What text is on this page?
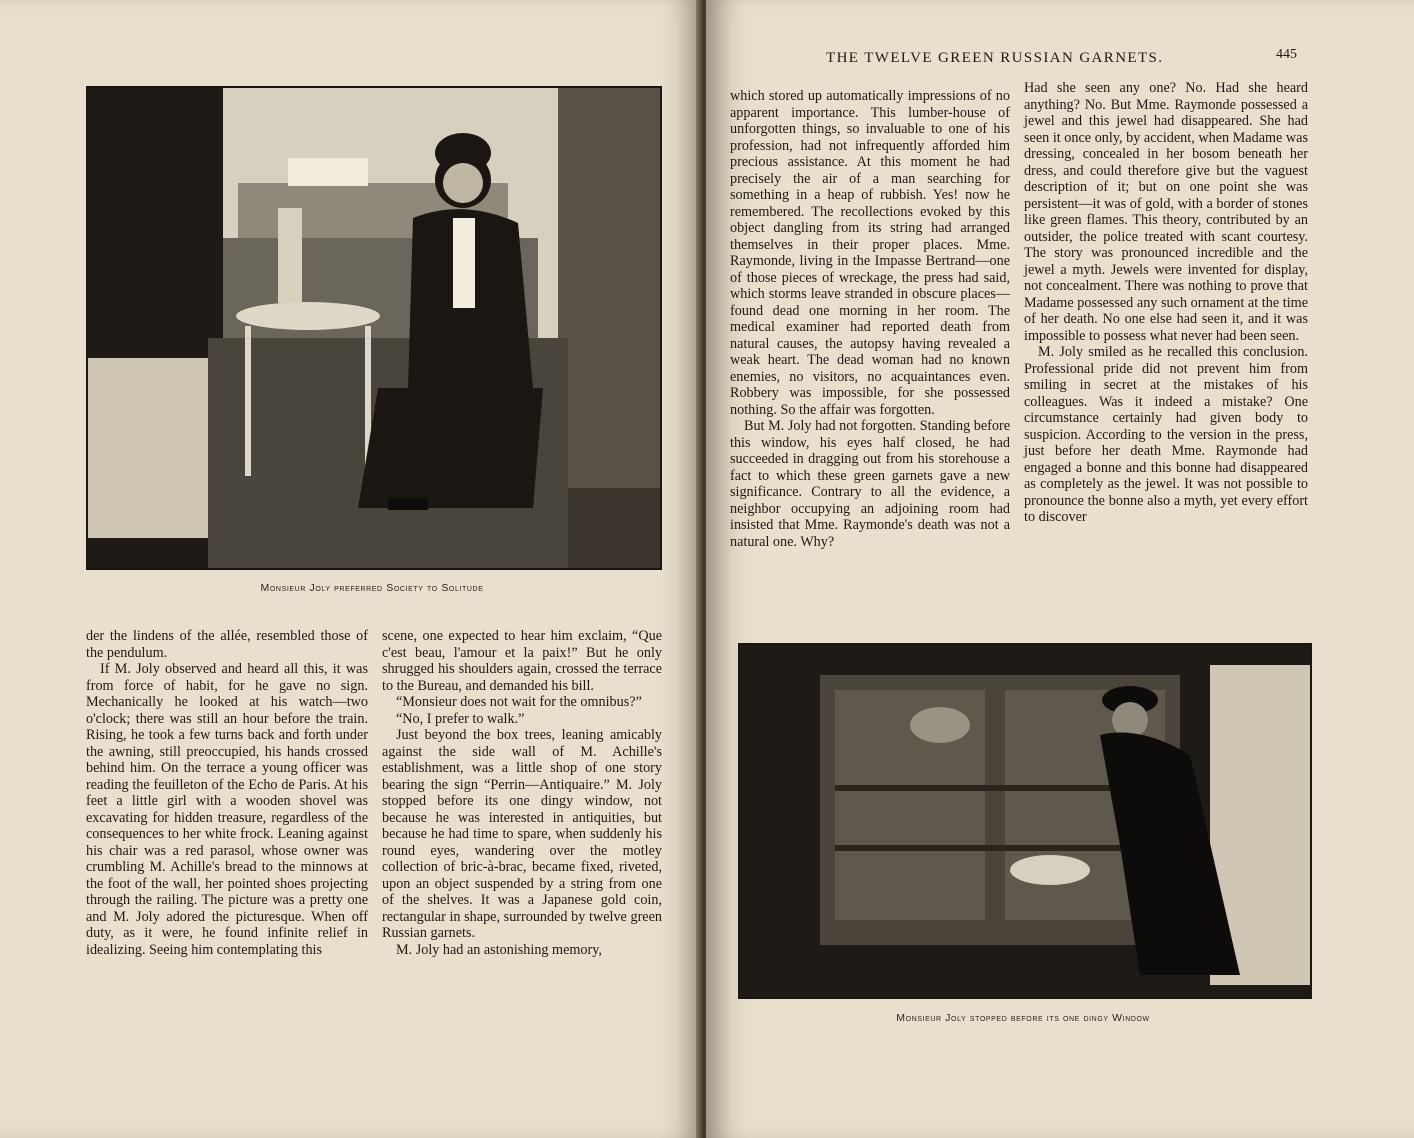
Monsieur Joly preferred Society to Solitude

der the lindens of the allée, resembled those of the pendulum.

If M. Joly observed and heard all this, it was from force of habit, for he gave no sign. Mechanically he looked at his watch—two o'clock; there was still an hour before the train. Rising, he took a few turns back and forth under the awning, still preoccupied, his hands crossed behind him. On the terrace a young officer was reading the feuilleton of the Echo de Paris. At his feet a little girl with a wooden shovel was excavating for hidden treasure, regardless of the consequences to her white frock. Leaning against his chair was a red parasol, whose owner was crumbling M. Achille's bread to the minnows at the foot of the wall, her pointed shoes projecting through the railing. The picture was a pretty one and M. Joly adored the picturesque. When off duty, as it were, he found infinite relief in idealizing. Seeing him contemplating this

scene, one expected to hear him exclaim, “Que c'est beau, l'amour et la paix!” But he only shrugged his shoulders again, crossed the terrace to the Bureau, and demanded his bill.

“Monsieur does not wait for the omnibus?”

“No, I prefer to walk.”

Just beyond the box trees, leaning amicably against the side wall of M. Achille's establishment, was a little shop of one story bearing the sign “Perrin—Antiquaire.” M. Joly stopped before its one dingy window, not because he was interested in antiquities, but because he had time to spare, when suddenly his round eyes, wandering over the motley collection of bric-à-brac, became fixed, riveted, upon an object suspended by a string from one of the shelves. It was a Japanese gold coin, rectangular in shape, surrounded by twelve green Russian garnets.

M. Joly had an astonishing memory,

THE TWELVE GREEN RUSSIAN GARNETS.	445

which stored up automatically impressions of no apparent importance. This lumber-house of unforgotten things, so invaluable to one of his profession, had not infrequently afforded him precious assistance. At this moment he had precisely the air of a man searching for something in a heap of rubbish. Yes! now he remembered. The recollections evoked by this object dangling from its string had arranged themselves in their proper places. Mme. Raymonde, living in the Impasse Bertrand—one of those pieces of wreckage, the press had said, which storms leave stranded in obscure places—found dead one morning in her room. The medical examiner had reported death from natural causes, the autopsy having revealed a weak heart. The dead woman had no known enemies, no visitors, no acquaintances even. Robbery was impossible, for she possessed nothing. So the affair was forgotten.

But M. Joly had not forgotten. Standing before this window, his eyes half closed, he had succeeded in dragging out from his storehouse a fact to which these green garnets gave a new significance. Contrary to all the evidence, a neighbor occupying an adjoining room had insisted that Mme. Raymonde's death was not a natural one. Why?

Had she seen any one? No. Had she heard anything? No. But Mme. Raymonde possessed a jewel and this jewel had disappeared. She had seen it once only, by accident, when Madame was dressing, concealed in her bosom beneath her dress, and could therefore give but the vaguest description of it; but on one point she was persistent—it was of gold, with a border of stones like green flames. This theory, contributed by an outsider, the police treated with scant courtesy. The story was pronounced incredible and the jewel a myth. Jewels were invented for display, not concealment. There was nothing to prove that Madame possessed any such ornament at the time of her death. No one else had seen it, and it was impossible to possess what never had been seen.

M. Joly smiled as he recalled this conclusion. Professional pride did not prevent him from smiling in secret at the mistakes of his colleagues. Was it indeed a mistake? One circumstance certainly had given body to suspicion. According to the version in the press, just before her death Mme. Raymonde had engaged a bonne and this bonne had disappeared as completely as the jewel. It was not possible to pronounce the bonne also a myth, yet every effort to discover

Monsieur Joly stopped before its one dingy Window
